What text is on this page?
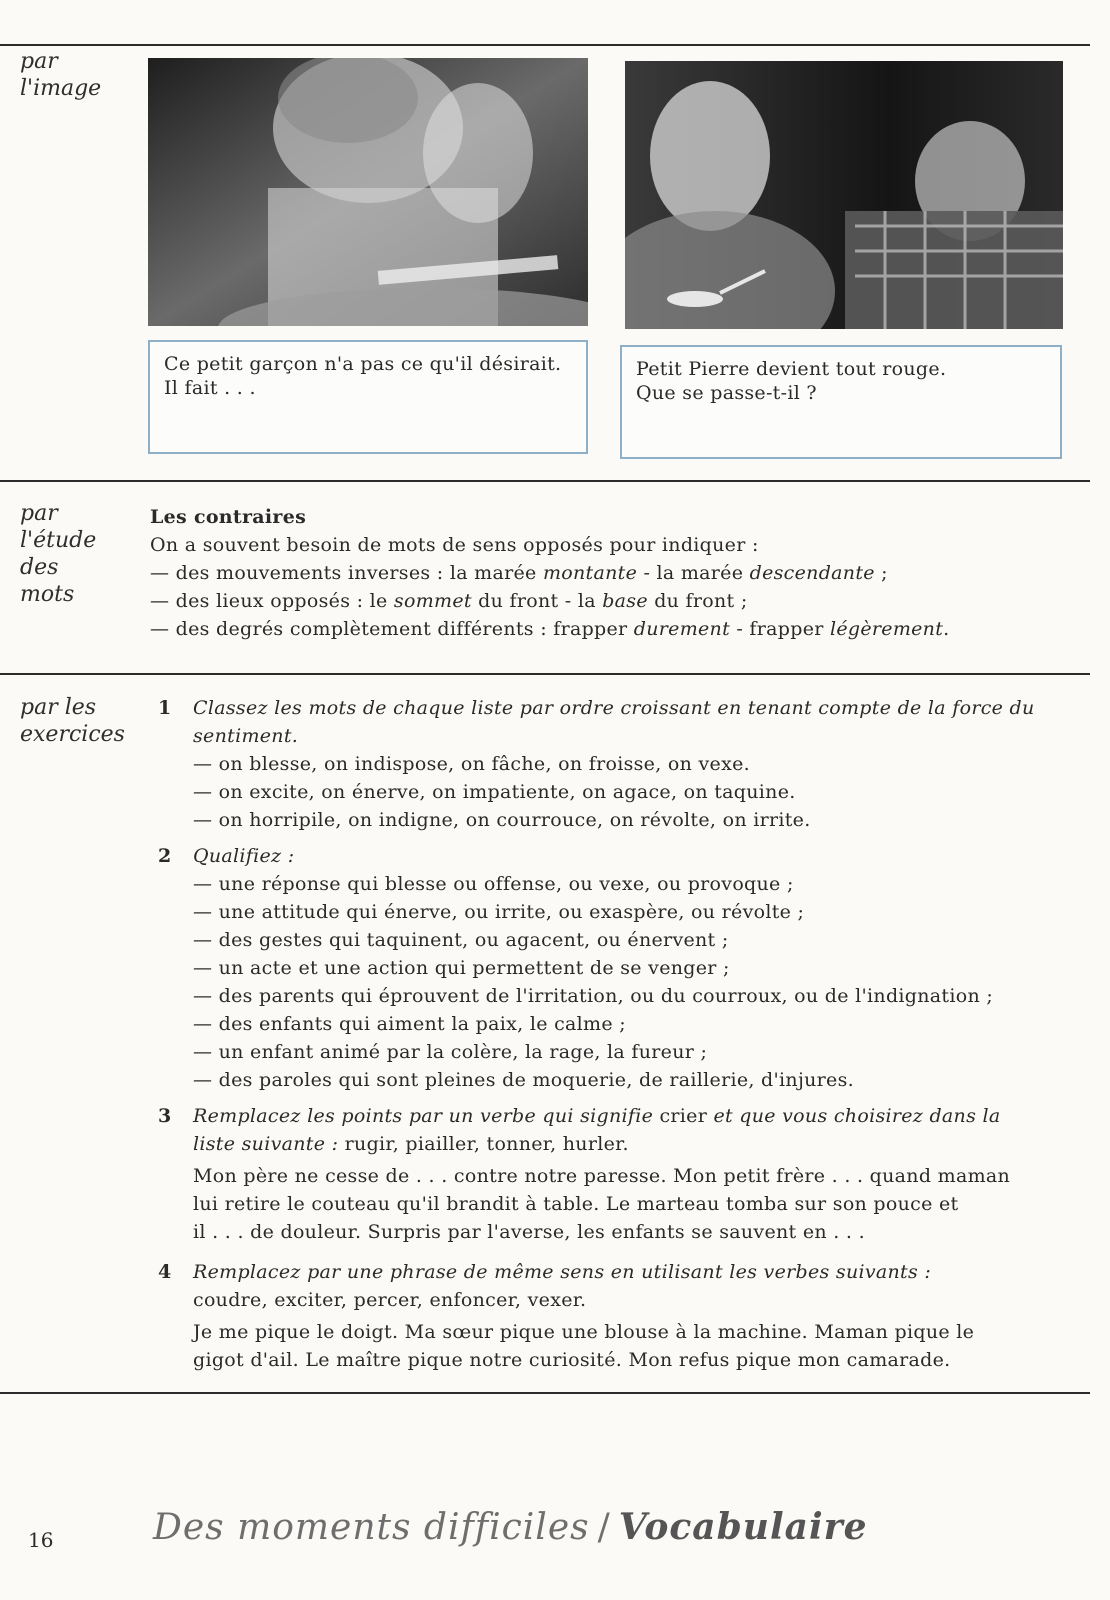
par
l'image
Ce petit garçon n'a pas ce qu'il désirait.
Il fait . . .
Petit Pierre devient tout rouge.
Que se passe-t-il ?
par
l'étude
des
mots
Les contraires
On a souvent besoin de mots de sens opposés pour indiquer :
— des mouvements inverses : la marée montante - la marée descendante ;
— des lieux opposés : le sommet du front - la base du front ;
— des degrés complètement différents : frapper durement - frapper légèrement.
par les
exercices
1 Classez les mots de chaque liste par ordre croissant en tenant compte de la force du
sentiment.
— on blesse, on indispose, on fâche, on froisse, on vexe.
— on excite, on énerve, on impatiente, on agace, on taquine.
— on horripile, on indigne, on courrouce, on révolte, on irrite.
2 Qualifiez :
— une réponse qui blesse ou offense, ou vexe, ou provoque ;
— une attitude qui énerve, ou irrite, ou exaspère, ou révolte ;
— des gestes qui taquinent, ou agacent, ou énervent ;
— un acte et une action qui permettent de se venger ;
— des parents qui éprouvent de l'irritation, ou du courroux, ou de l'indignation ;
— des enfants qui aiment la paix, le calme ;
— un enfant animé par la colère, la rage, la fureur ;
— des paroles qui sont pleines de moquerie, de raillerie, d'injures.
3 Remplacez les points par un verbe qui signifie crier et que vous choisirez dans la
liste suivante : rugir, piailler, tonner, hurler.
Mon père ne cesse de . . . contre notre paresse. Mon petit frère . . . quand maman
lui retire le couteau qu'il brandit à table. Le marteau tomba sur son pouce et
il . . . de douleur. Surpris par l'averse, les enfants se sauvent en . . .
4 Remplacez par une phrase de même sens en utilisant les verbes suivants :
coudre, exciter, percer, enfoncer, vexer.
Je me pique le doigt. Ma sœur pique une blouse à la machine. Maman pique le
gigot d'ail. Le maître pique notre curiosité. Mon refus pique mon camarade.
16	Des moments difficiles / Vocabulaire
